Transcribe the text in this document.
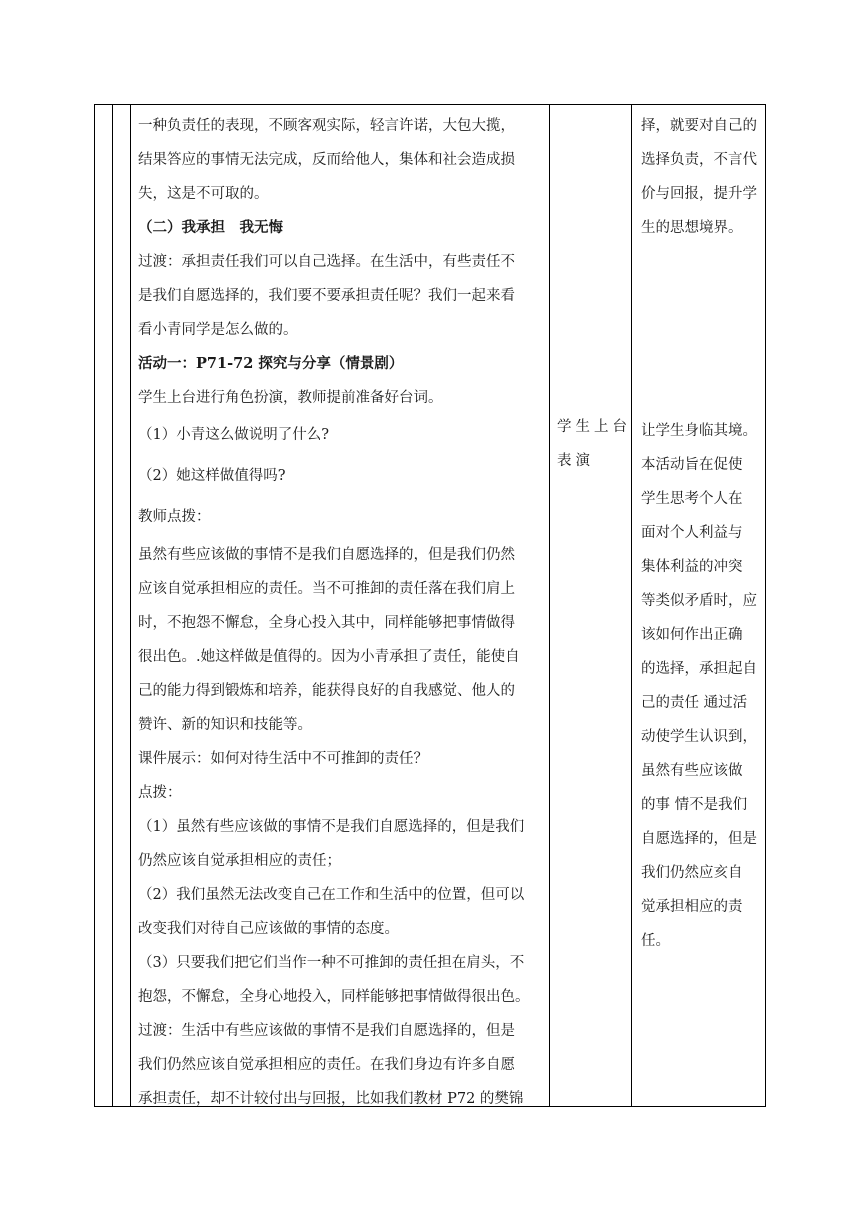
一种负责任的表现，不顾客观实际，轻言许诺，大包大揽，

结果答应的事情无法完成，反而给他人，集体和社会造成损

失，这是不可取的。

（二）我承担　我无悔

过渡：承担责任我们可以自己选择。在生活中，有些责任不

是我们自愿选择的，我们要不要承担责任呢？我们一起来看

看小青同学是怎么做的。

活动一：P71-72 探究与分享（情景剧）

学生上台进行角色扮演，教师提前准备好台词。

（1）小青这么做说明了什么?

（2）她这样做值得吗?

教师点拨：

虽然有些应该做的事情不是我们自愿选择的，但是我们仍然

应该自觉承担相应的责任。当不可推卸的责任落在我们肩上

时，不抱怨不懈怠，全身心投入其中，同样能够把事情做得

很出色。.她这样做是值得的。因为小青承担了责任，能使自

己的能力得到锻炼和培养，能获得良好的自我感觉、他人的

赞许、新的知识和技能等。

课件展示：如何对待生活中不可推卸的责任？

点拨：

（1）虽然有些应该做的事情不是我们自愿选择的，但是我们

仍然应该自觉承担相应的责任；

（2）我们虽然无法改变自己在工作和生活中的位置，但可以

改变我们对待自己应该做的事情的态度。

（3）只要我们把它们当作一种不可推卸的责任担在肩头，不

抱怨，不懈怠，全身心地投入，同样能够把事情做得很出色。

过渡：生活中有些应该做的事情不是我们自愿选择的，但是

我们仍然应该自觉承担相应的责任。在我们身边有许多自愿

承担责任，却不计较付出与回报，比如我们教材 P72 的樊锦

学生上台

表演

择，就要对自己的

选择负责，不言代

价与回报，提升学

生的思想境界。

让学生身临其境。

本活动旨在促使

学生思考个人在

面对个人利益与

集体利益的冲突

等类似矛盾时，应

该如何作出正确

的选择，承担起自

己的责任 通过活

动使学生认识到，

虽然有些应该做

的事 情不是我们

自愿选择的，但是

我们仍然应亥自

觉承担相应的责

任。
